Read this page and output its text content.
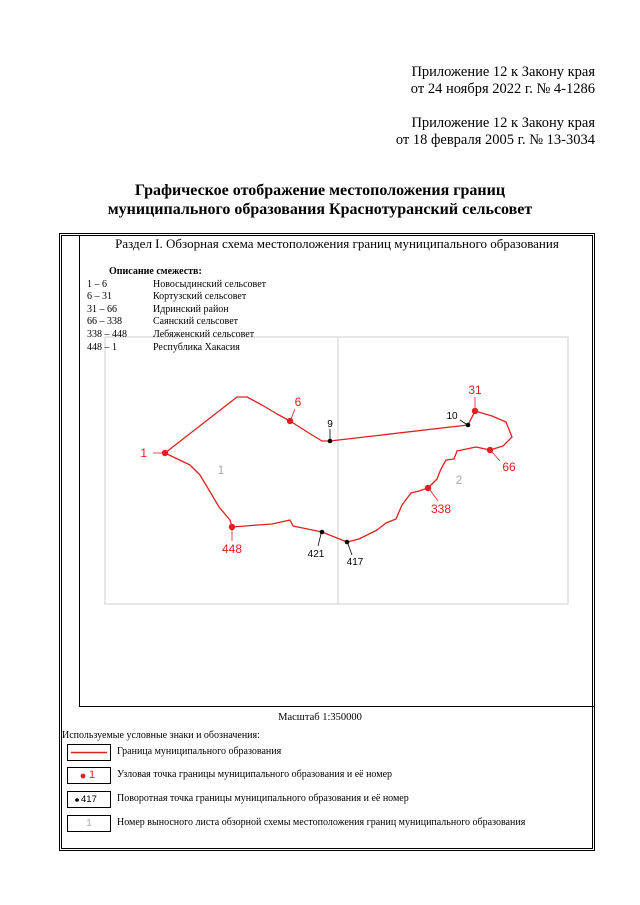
Приложение 12 к Закону края
от 24 ноября 2022 г. № 4-1286
Приложение 12 к Закону края
от 18 февраля 2005 г. № 13-3034
Графическое отображение местоположения границ
муниципального образования Краснотуранский сельсовет
Раздел I. Обзорная схема местоположения границ муниципального образования
1
6
31
66
338
448
9
10
421
417
1
2
Описание смежеств:
1 – 6	Новосыдинский сельсовет
6 – 31	Кортузский сельсовет
31 – 66	Идринский район
66 – 338	Саянский сельсовет
338 – 448	Лебяженский сельсовет
448 – 1	Республика Хакасия
Масштаб 1:350000
Используемые условные знаки и обозначения:
Граница муниципального образования
1 Узловая точка границы муниципального образования и её номер
417 Поворотная точка границы муниципального образования и её номер
1	Номер выносного листа обзорной схемы местоположения границ муниципального образования
